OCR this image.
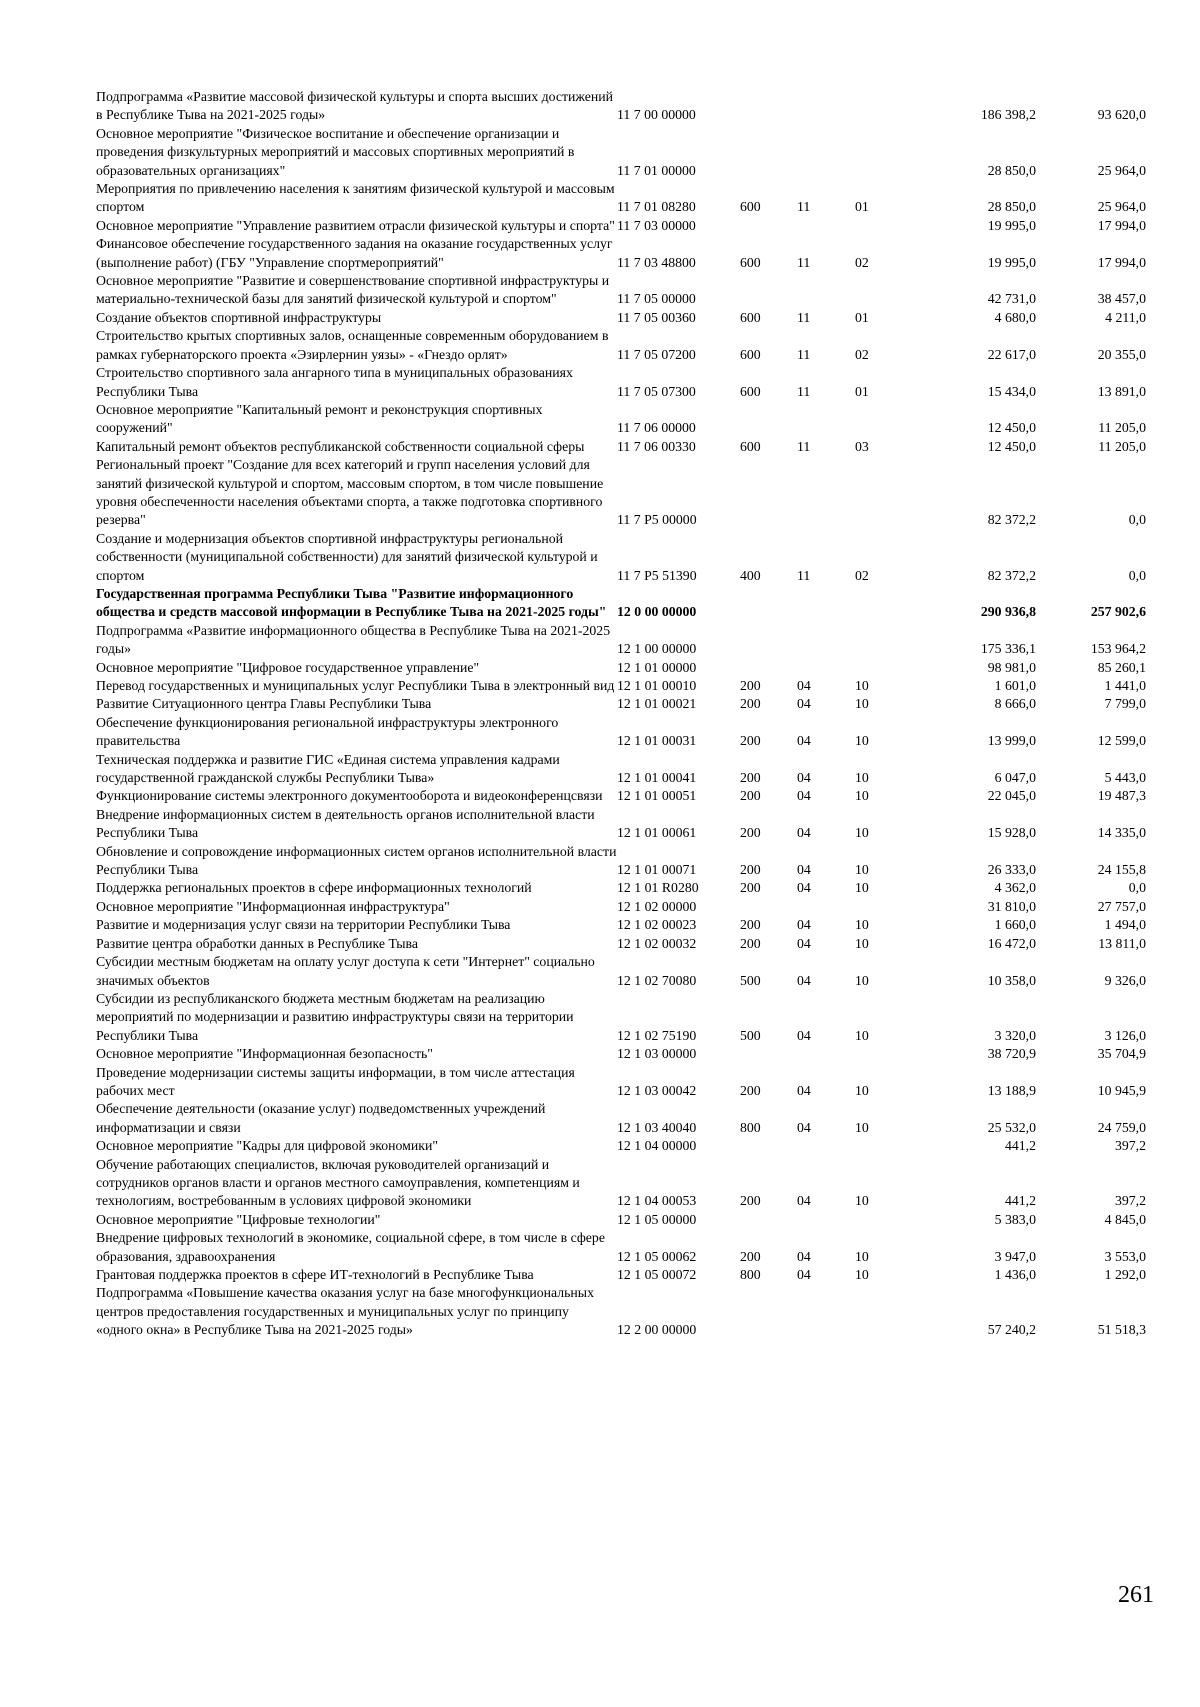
Подпрограмма «Развитие массовой физической культуры и спорта высших достижений в Республике Тыва на 2021-2025 годы»	11 7 00 00000				186 398,2	93 620,0
Основное мероприятие "Физическое воспитание и обеспечение организации и проведения физкультурных мероприятий и массовых спортивных мероприятий в образовательных организациях"	11 7 01 00000				28 850,0	25 964,0
Мероприятия по привлечению населения к занятиям физической культурой и массовым спортом	11 7 01 08280	600	11	01	28 850,0	25 964,0
Основное мероприятие "Управление развитием отрасли физической культуры и спорта"	11 7 03 00000				19 995,0	17 994,0
Финансовое обеспечение государственного задания на оказание государственных услуг (выполнение работ) (ГБУ "Управление спортмероприятий"	11 7 03 48800	600	11	02	19 995,0	17 994,0
Основное мероприятие "Развитие и совершенствование спортивной инфраструктуры и материально-технической базы для занятий физической культурой и спортом"	11 7 05 00000				42 731,0	38 457,0
Создание объектов спортивной инфраструктуры	11 7 05 00360	600	11	01	4 680,0	4 211,0
Строительство крытых спортивных залов, оснащенные современным оборудованием в рамках губернаторского проекта «Эзирлернин уязы» - «Гнездо орлят»	11 7 05 07200	600	11	02	22 617,0	20 355,0
Строительство спортивного зала ангарного типа в муниципальных образованиях Республики Тыва	11 7 05 07300	600	11	01	15 434,0	13 891,0
Основное мероприятие "Капитальный ремонт и реконструкция спортивных сооружений"	11 7 06 00000				12 450,0	11 205,0
Капитальный ремонт объектов республиканской собственности социальной сферы	11 7 06 00330	600	11	03	12 450,0	11 205,0
Региональный проект "Создание для всех категорий и групп населения условий для занятий физической культурой и спортом, массовым спортом, в том числе повышение уровня обеспеченности населения объектами спорта, а также подготовка спортивного резерва"	11 7 P5 00000				82 372,2	0,0
Создание и модернизация объектов спортивной инфраструктуры региональной собственности (муниципальной собственности) для занятий физической культурой и спортом	11 7 P5 51390	400	11	02	82 372,2	0,0
Государственная программа Республики Тыва "Развитие информационного общества и средств массовой информации в Республике Тыва на 2021-2025 годы"	12 0 00 00000				290 936,8	257 902,6
Подпрограмма «Развитие информационного общества в Республике Тыва на 2021-2025 годы»	12 1 00 00000				175 336,1	153 964,2
Основное мероприятие "Цифровое государственное управление"	12 1 01 00000				98 981,0	85 260,1
Перевод государственных и муниципальных услуг Республики Тыва в электронный вид	12 1 01 00010	200	04	10	1 601,0	1 441,0
Развитие Ситуационного центра Главы Республики Тыва	12 1 01 00021	200	04	10	8 666,0	7 799,0
Обеспечение функционирования региональной инфраструктуры электронного правительства	12 1 01 00031	200	04	10	13 999,0	12 599,0
Техническая поддержка и развитие ГИС «Единая система управления кадрами государственной гражданской службы Республики Тыва»	12 1 01 00041	200	04	10	6 047,0	5 443,0
Функционирование системы электронного документооборота и видеоконференцсвязи	12 1 01 00051	200	04	10	22 045,0	19 487,3
Внедрение информационных систем в деятельность органов исполнительной власти Республики Тыва	12 1 01 00061	200	04	10	15 928,0	14 335,0
Обновление и сопровождение информационных систем органов исполнительной власти Республики Тыва	12 1 01 00071	200	04	10	26 333,0	24 155,8
Поддержка региональных проектов в сфере информационных технологий	12 1 01 R0280	200	04	10	4 362,0	0,0
Основное мероприятие "Информационная инфраструктура"	12 1 02 00000				31 810,0	27 757,0
Развитие и модернизация услуг связи на территории Республики Тыва	12 1 02 00023	200	04	10	1 660,0	1 494,0
Развитие центра обработки данных в Республике Тыва	12 1 02 00032	200	04	10	16 472,0	13 811,0
Субсидии местным бюджетам на оплату услуг доступа к сети "Интернет" социально значимых объектов	12 1 02 70080	500	04	10	10 358,0	9 326,0
Субсидии из республиканского бюджета местным бюджетам на реализацию мероприятий по модернизации и развитию инфраструктуры связи на территории Республики Тыва	12 1 02 75190	500	04	10	3 320,0	3 126,0
Основное мероприятие "Информационная безопасность"	12 1 03 00000				38 720,9	35 704,9
Проведение модернизации системы защиты информации, в том числе аттестация рабочих мест	12 1 03 00042	200	04	10	13 188,9	10 945,9
Обеспечение деятельности (оказание услуг) подведомственных учреждений информатизации и связи	12 1 03 40040	800	04	10	25 532,0	24 759,0
Основное мероприятие "Кадры для цифровой экономики"	12 1 04 00000				441,2	397,2
Обучение работающих специалистов, включая руководителей организаций и сотрудников органов власти и органов местного самоуправления, компетенциям и технологиям, востребованным в условиях цифровой экономики	12 1 04 00053	200	04	10	441,2	397,2
Основное мероприятие "Цифровые технологии"	12 1 05 00000				5 383,0	4 845,0
Внедрение цифровых технологий в экономике, социальной сфере, в том числе в сфере образования, здравоохранения	12 1 05 00062	200	04	10	3 947,0	3 553,0
Грантовая поддержка проектов в сфере ИТ-технологий в Республике Тыва	12 1 05 00072	800	04	10	1 436,0	1 292,0
Подпрограмма «Повышение качества оказания услуг на базе многофункциональных центров предоставления государственных и муниципальных услуг по принципу «одного окна» в Республике Тыва на 2021-2025 годы»	12 2 00 00000				57 240,2	51 518,3
261
